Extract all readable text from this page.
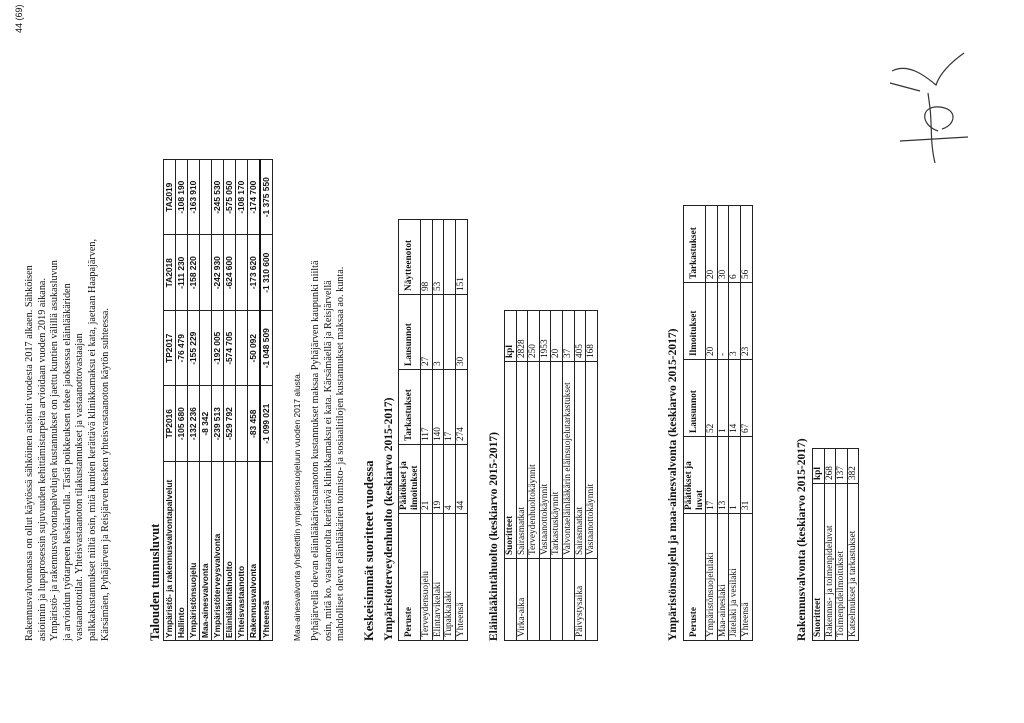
Rakennusvalvonnassa on ollut käytössä sähköinen asiointi vuodesta 2017 alkaen. Sähköisen asioinnin ja lupaprosessin sujuvuuden kehittämistarpeita arvioidaan vuoden 2019 aikana. Ympäristö- ja rakennusvalvontapalvelujen kustannukset on jaettu kuntien välillä asukasluvun ja arvioidun työtarpeen keskiarvolla. Tästä poikkeuksen tekee jaoksessa eläinlääkäriden vastaanottotilat. Yhteisvastaanoton tilakustannukset ja vastaanottovastaajan palkkakustannukset niiltä osin, mitä kuntien kerättävä klinikkamaksu ei kata, jaetaan Haapajärven, Kärsämäen, Pyhäjärven ja Reisjärven kesken yhteisvastaanoton käytön suhteessa.	Talouden tunnusluvut Ympäristö- ja rakennusvalvontapalvelut	TP2016	TP2017	TA2018	TA2019
Hallinto	-105 680	-76 479	-111 230	-108 190
Ympäristönsuojelu	-132 236	-155 229	-158 220	-163 910
Maa-ainesvalvonta	-8 342			
Ympäristöterveysvalvonta	-239 513	-192 005	-242 930	-245 530
Eläinlääkintähuolto	-529 792	-574 705	-624 600	-575 050
Yhteisvastaanotto				-108 170
Rakennusvalvonta	-83 458	-50 092	-173 620	-174 700
Yhteensä	-1 099 021	-1 048 509	-1 310 600	-1 375 550
Maa-ainesvalvonta yhdistettiin ympäristönsuojeluun vuoden 2017 alusta. Pyhäjärvellä olevan eläinlääkärivastaanoton kustannukset maksaa Pyhäjärven kaupunki niiltä osin, mitä ko. vastaanotolta kerättävä klinikkamaksu ei kata. Kärsämäellä ja Reisjärvellä mahdolliset olevat eläinlääkärien toimisto- ja sosiaalitilojen kustannukset maksaa ao. kunta. Keskeisimmät suoritteet vuodessa Ympäristöterveydenhuolto (keskiarvo 2015-2017) Peruste	Päätökset ja ilmoitukset	Tarkastukset	Lausunnot	Näytteenotot
Terveydensuojelu	21	117	27	98
Elintarvikelaki	19	140	3	53
Tupakkalaki	4	17		
Yhteensä	44	274	30	151
Eläinlääkintähuolto (keskiarvo 2015-2017)
	Suoritteet	kpl
Virka-aika	Sairasmatkat	2828
	Terveydenhuoltokäynnit	250
	Vastaanottokäynnit	1953
	Tarkastuskäynnit	20
	Valvontaeläinlääkärin eläinsuojelutarkastukset	37
Päivystysaika	Sairasmatkat	405
	Vastaanottokäynnit	168	Ympäristönsuojelu ja maa-ainesvalvonta (keskiarvo 2015-2017) Peruste	Päätökset ja luvat	Lausunnot	Ilmoitukset	Tarkastukset
Ympäristönsuojelulaki	17	52	20	20
Maa-aineslaki	13	1	-	30
Jätelaki ja vesilaki	1	14	3	6
Yhteensä	31	67	23	56
Rakennusvalvonta (keskiarvo 2015-2017) Suoritteet	kpl
Rakennus- ja toimenpideluvat	268
Toimenpideilmoitukset	137
Katselmukset ja tarkastukset	382
44 (69)
